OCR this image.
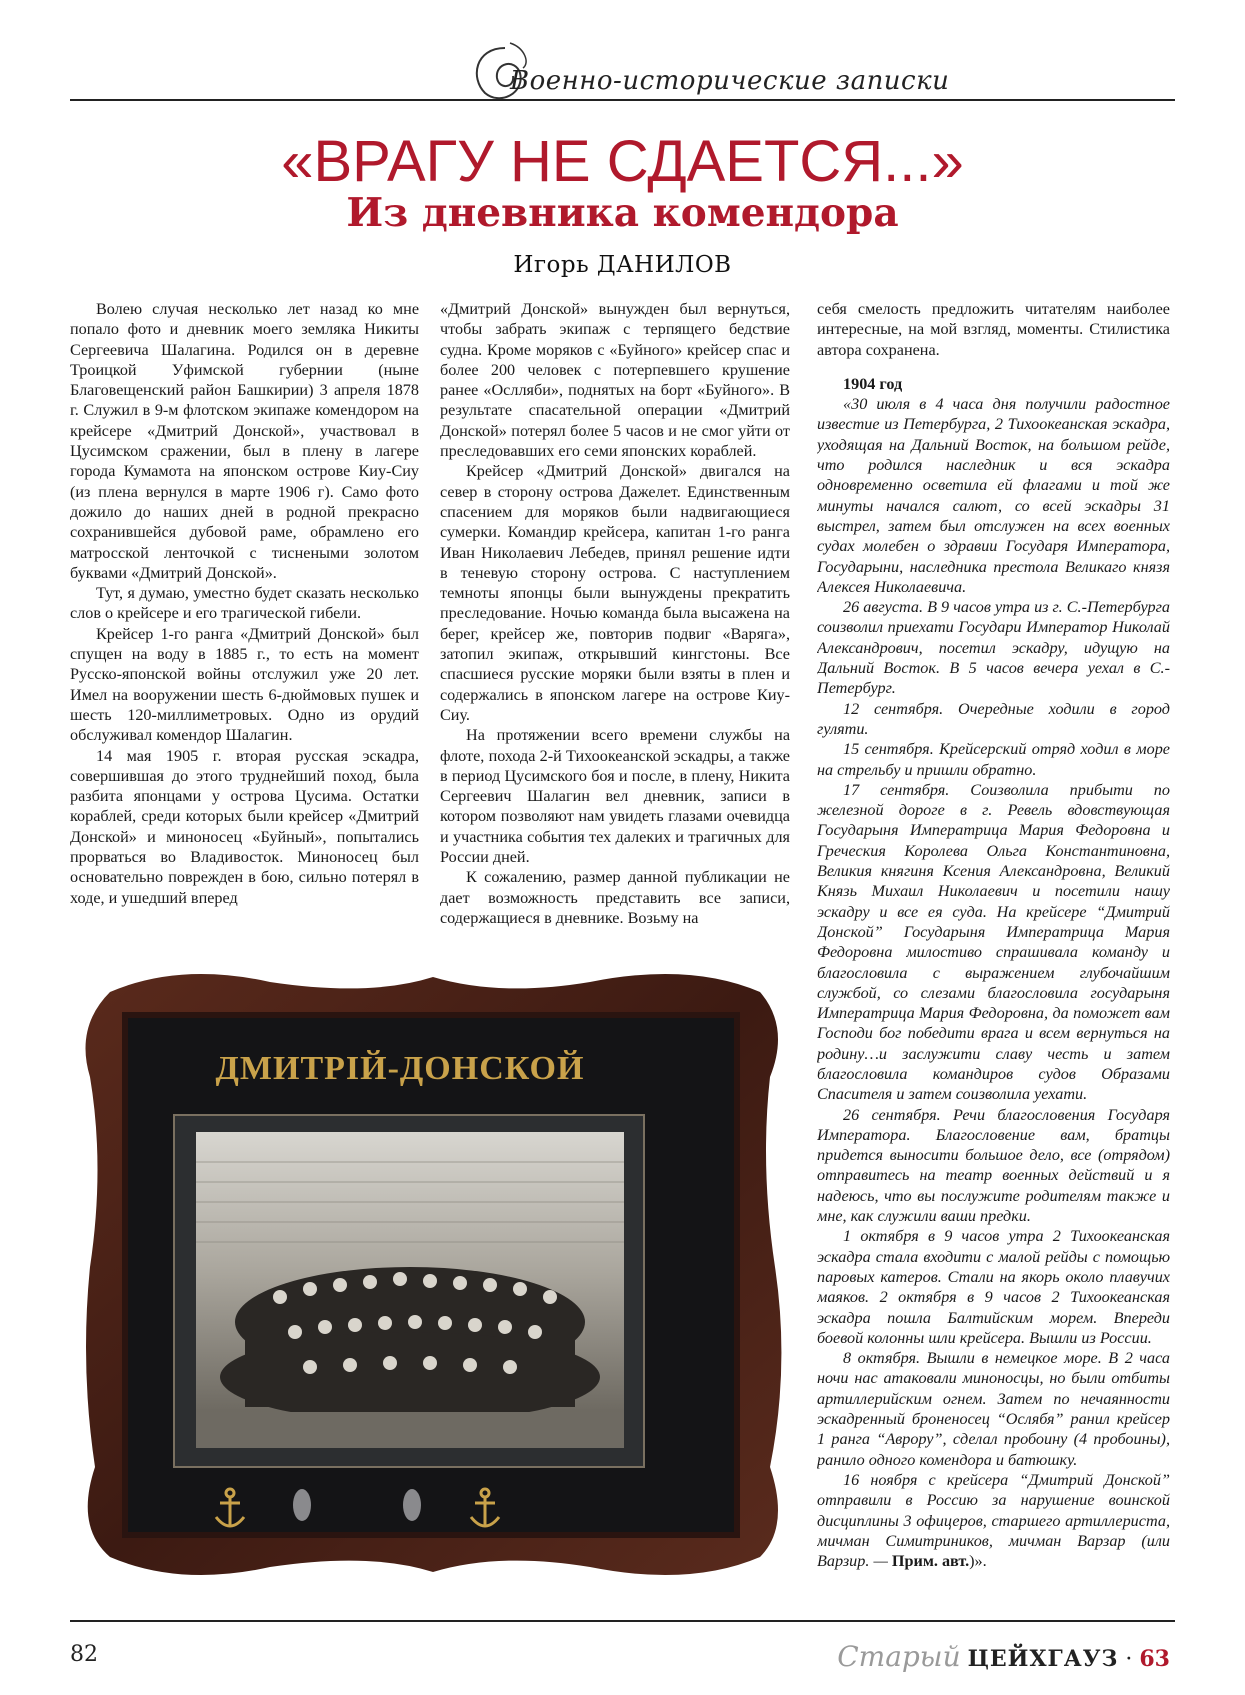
Военно-исторические записки
«ВРАГУ НЕ СДАЕТСЯ...»
Из дневника комендора
Игорь ДАНИЛОВ

Волею случая несколько лет назад ко мне попало фото и дневник моего земляка Никиты Сергеевича Шалагина. Родился он в деревне Троицкой Уфимской губернии (ныне Благовещенский район Башкирии) 3 апреля 1878 г. Служил в 9-м флотском экипаже комендором на крейсере «Дмитрий Донской», участвовал в Цусимском сражении, был в плену в лагере города Кумамота на японском острове Киу-Сиу (из плена вернулся в марте 1906 г). Само фото дожило до наших дней в родной прекрасно сохранившейся дубовой раме, обрамлено его матросской ленточкой с тиснеными золотом буквами «Дмитрий Донской».

Тут, я думаю, уместно будет сказать несколько слов о крейсере и его трагической гибели.

Крейсер 1-го ранга «Дмитрий Донской» был спущен на воду в 1885 г., то есть на момент Русско-японской войны отслужил уже 20 лет. Имел на вооружении шесть 6-дюймовых пушек и шесть 120-миллиметровых. Одно из орудий обслуживал комендор Шалагин.

14 мая 1905 г. вторая русская эскадра, совершившая до этого труднейший поход, была разбита японцами у острова Цусима. Остатки кораблей, среди которых были крейсер «Дмитрий Донской» и миноносец «Буйный», попытались прорваться во Владивосток. Миноносец был основательно поврежден в бою, сильно потерял в ходе, и ушедший вперед

«Дмитрий Донской» вынужден был вернуться, чтобы забрать экипаж с терпящего бедствие судна. Кроме моряков с «Буйного» крейсер спас и более 200 человек с потерпевшего крушение ранее «Ослляби», поднятых на борт «Буйного». В результате спасательной операции «Дмитрий Донской» потерял более 5 часов и не смог уйти от преследовавших его семи японских кораблей.

Крейсер «Дмитрий Донской» двигался на север в сторону острова Дажелет. Единственным спасением для моряков были надвигающиеся сумерки. Командир крейсера, капитан 1-го ранга Иван Николаевич Лебедев, принял решение идти в теневую сторону острова. С наступлением темноты японцы были вынуждены прекратить преследование. Ночью команда была высажена на берег, крейсер же, повторив подвиг «Варяга», затопил экипаж, открывший кингстоны. Все спасшиеся русские моряки были взяты в плен и содержались в японском лагере на острове Киу-Сиу.

На протяжении всего времени службы на флоте, похода 2-й Тихоокеанской эскадры, а также в период Цусимского боя и после, в плену, Никита Сергеевич Шалагин вел дневник, записи в котором позволяют нам увидеть глазами очевидца и участника события тех далеких и трагичных для России дней.

К сожалению, размер данной публикации не дает возможность представить все записи, содержащиеся в дневнике. Возьму на

себя смелость предложить читателям наиболее интересные, на мой взгляд, моменты. Стилистика автора сохранена.

1904 год

«30 июля в 4 часа дня получили радостное известие из Петербурга, 2 Тихоокеанская эскадра, уходящая на Дальний Восток, на большом рейде, что родился наследник и вся эскадра одновременно осветила ей флагами и той же минуты начался салют, со всей эскадры 31 выстрел, затем был отслужен на всех военных судах молебен о здравии Государя Императора, Государыни, наследника престола Великаго князя Алексея Николаевича.

26 августа. В 9 часов утра из г. С.-Петербурга соизволил приехати Государи Император Николай Александрович, посетил эскадру, идущую на Дальний Восток. В 5 часов вечера уехал в С.-Петербург.

12 сентября. Очередные ходили в город гуляти.

15 сентября. Крейсерский отряд ходил в море на стрельбу и пришли обратно.

17 сентября. Соизволила прибыти по железной дороге в г. Ревель вдовствующая Государыня Императрица Мария Федоровна и Греческия Королева Ольга Константиновна, Великия княгиня Ксения Александровна, Великий Князь Михаил Николаевич и посетили нашу эскадру и все ея суда. На крейсере “Дмитрий Донской” Государыня Императрица Мария Федоровна милостиво спрашивала команду и благословила с выражением глубочайшим службой, со слезами благословила государыня Императрица Мария Федоровна, да поможет вам Господи бог победити врага и всем вернуться на родину…и заслужити славу честь и затем благословила командиров судов Образами Спасителя и затем соизволила уехати.

26 сентября. Речи благословения Государя Императора. Благословение вам, братцы придется выносити большое дело, все (отрядом) отправитесь на театр военных действий и я надеюсь, что вы послужите родителям также и мне, как служили ваши предки.

1 октября в 9 часов утра 2 Тихоокеанская эскадра стала входити с малой рейды с помощью паровых катеров. Стали на якорь около плавучих маяков. 2 октября в 9 часов 2 Тихоокеанская эскадра пошла Балтийским морем. Впереди боевой колонны шли крейсера. Вышли из России.

8 октября. Вышли в немецкое море. В 2 часа ночи нас атаковали миноносцы, но были отбиты артиллерийским огнем. Затем по нечаянности эскадренный броненосец “Ослябя” ранил крейсер 1 ранга “Аврору”, сделал пробоину (4 пробоины), ранило одного комендора и батюшку.

16 ноября с крейсера “Дмитрий Донской” отправили в Россию за нарушение воинской дисциплины 3 офицеров, старшего артиллериста, мичман Симитриников, мичман Варзар (или Варзир. — Прим. авт.)».

ДМИТРІЙ-ДОНСКОЙ
82	Старый ЦЕЙХГАУЗ · 63
